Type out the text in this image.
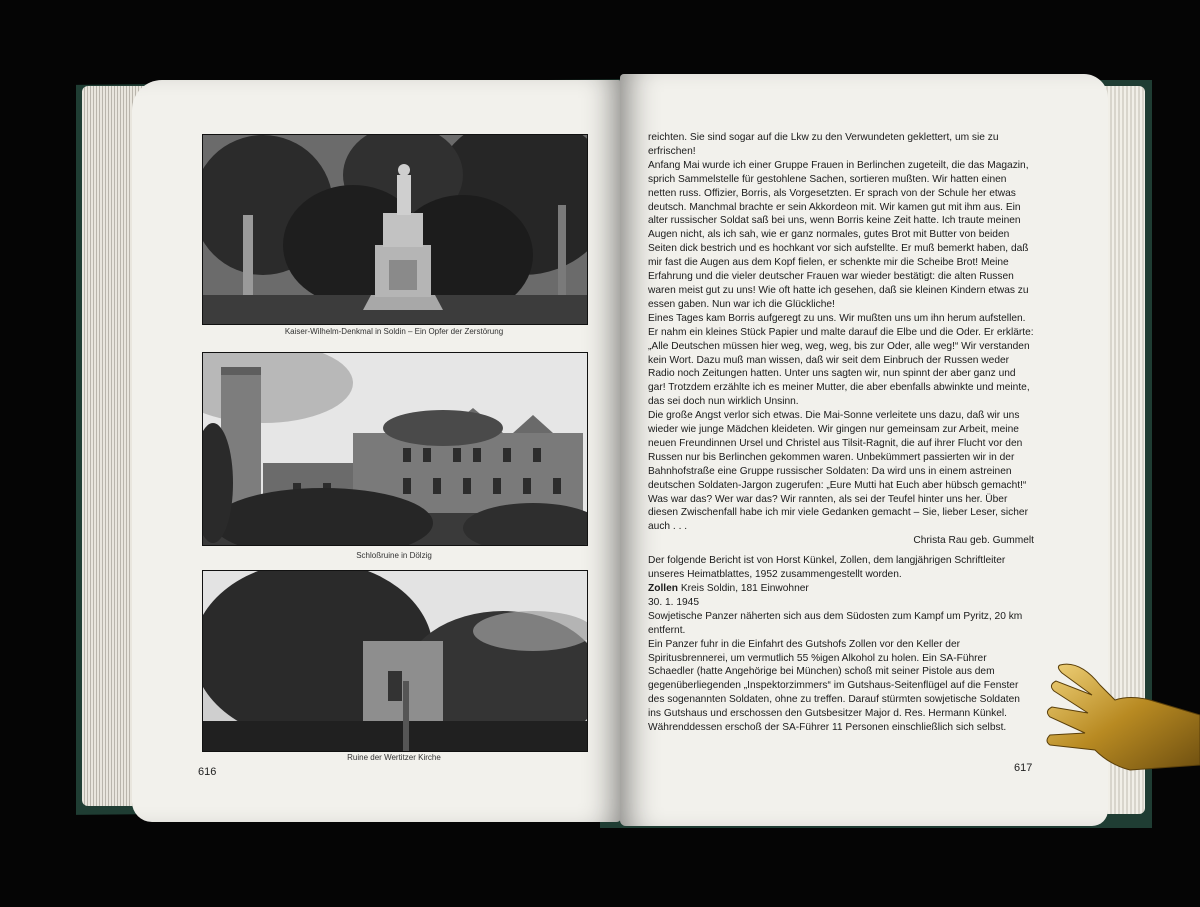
Kaiser-Wilhelm-Denkmal in Soldin – Ein Opfer der Zerstörung
Schloßruine in Dölzig
Ruine der Wertitzer Kirche
616

reichten. Sie sind sogar auf die Lkw zu den Verwundeten geklettert, um sie zu erfrischen!

Anfang Mai wurde ich einer Gruppe Frauen in Berlinchen zugeteilt, die das Magazin, sprich Sammelstelle für gestohlene Sachen, sortieren mußten. Wir hatten einen netten russ. Offizier, Borris, als Vorgesetzten. Er sprach von der Schule her etwas deutsch. Manchmal brachte er sein Akkordeon mit. Wir kamen gut mit ihm aus. Ein alter russischer Soldat saß bei uns, wenn Borris keine Zeit hatte. Ich traute meinen Augen nicht, als ich sah, wie er ganz normales, gutes Brot mit Butter von beiden Seiten dick bestrich und es hochkant vor sich aufstellte. Er muß bemerkt haben, daß mir fast die Augen aus dem Kopf fielen, er schenkte mir die Scheibe Brot! Meine Erfahrung und die vieler deutscher Frauen war wieder bestätigt: die alten Russen waren meist gut zu uns! Wie oft hatte ich gesehen, daß sie kleinen Kindern etwas zu essen gaben. Nun war ich die Glückliche!

Eines Tages kam Borris aufgeregt zu uns. Wir mußten uns um ihn herum aufstellen. Er nahm ein kleines Stück Papier und malte darauf die Elbe und die Oder. Er erklärte: „Alle Deutschen müssen hier weg, weg, weg, bis zur Oder, alle weg!“ Wir verstanden kein Wort. Dazu muß man wissen, daß wir seit dem Einbruch der Russen weder Radio noch Zeitungen hatten. Unter uns sagten wir, nun spinnt der aber ganz und gar! Trotzdem erzählte ich es meiner Mutter, die aber ebenfalls abwinkte und meinte, das sei doch nun wirklich Unsinn.

Die große Angst verlor sich etwas. Die Mai-Sonne verleitete uns dazu, daß wir uns wieder wie junge Mädchen kleideten. Wir gingen nur gemeinsam zur Arbeit, meine neuen Freundinnen Ursel und Christel aus Tilsit-Ragnit, die auf ihrer Flucht vor den Russen nur bis Berlinchen gekommen waren. Unbekümmert passierten wir in der Bahnhofstraße eine Gruppe russischer Soldaten: Da wird uns in einem astreinen deutschen Soldaten-Jargon zugerufen: „Eure Mutti hat Euch aber hübsch gemacht!“

Was war das? Wer war das? Wir rannten, als sei der Teufel hinter uns her. Über diesen Zwischenfall habe ich mir viele Gedanken gemacht – Sie, lieber Leser, sicher auch . . .

Christa Rau geb. Gummelt

Der folgende Bericht ist von Horst Künkel, Zollen, dem langjährigen Schriftleiter unseres Heimatblattes, 1952 zusammengestellt worden.

Zollen Kreis Soldin, 181 Einwohner

30. 1. 1945

Sowjetische Panzer näherten sich aus dem Südosten zum Kampf um Pyritz, 20 km entfernt.

Ein Panzer fuhr in die Einfahrt des Gutshofs Zollen vor den Keller der Spiritusbrennerei, um vermutlich 55 %igen Alkohol zu holen. Ein SA-Führer Schaedler (hatte Angehörige bei München) schoß mit seiner Pistole aus dem gegenüberliegenden „Inspektorzimmers“ im Gutshaus-Seitenflügel auf die Fenster des sogenannten Soldaten, ohne zu treffen. Darauf stürmten sowjetische Soldaten ins Gutshaus und erschossen den Gutsbesitzer Major d. Res. Hermann Künkel. Währenddessen erschoß der SA-Führer 11 Personen einschließlich sich selbst.

617
